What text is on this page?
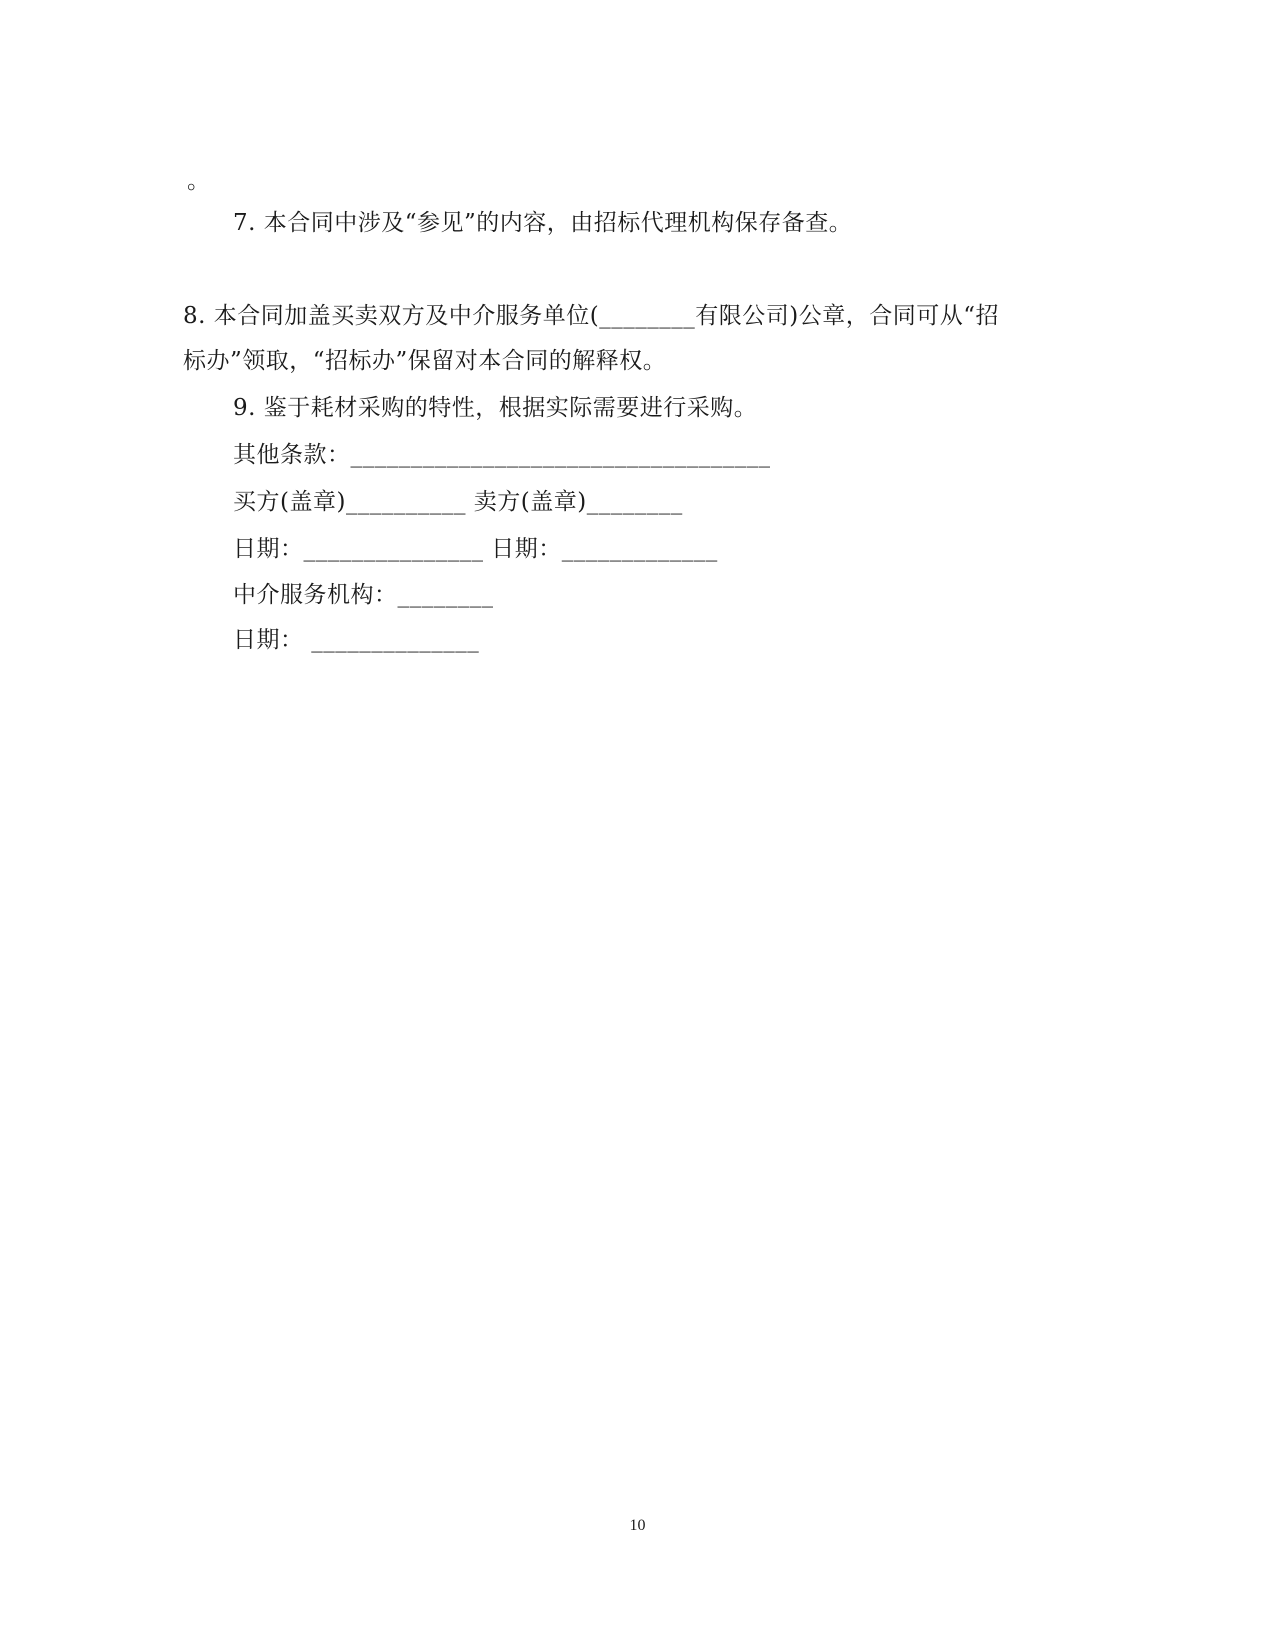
。
7. 本合同中涉及“参见”的内容，由招标代理机构保存备查。
8. 本合同加盖买卖双方及中介服务单位(________有限公司)公章，合同可从“招
标办”领取，“招标办”保留对本合同的解释权。
9. 鉴于耗材采购的特性，根据实际需要进行采购。
其他条款：___________________________________
买方(盖章)__________ 卖方(盖章)________
日期：_______________ 日期：_____________
中介服务机构：________
日期： ______________
10
